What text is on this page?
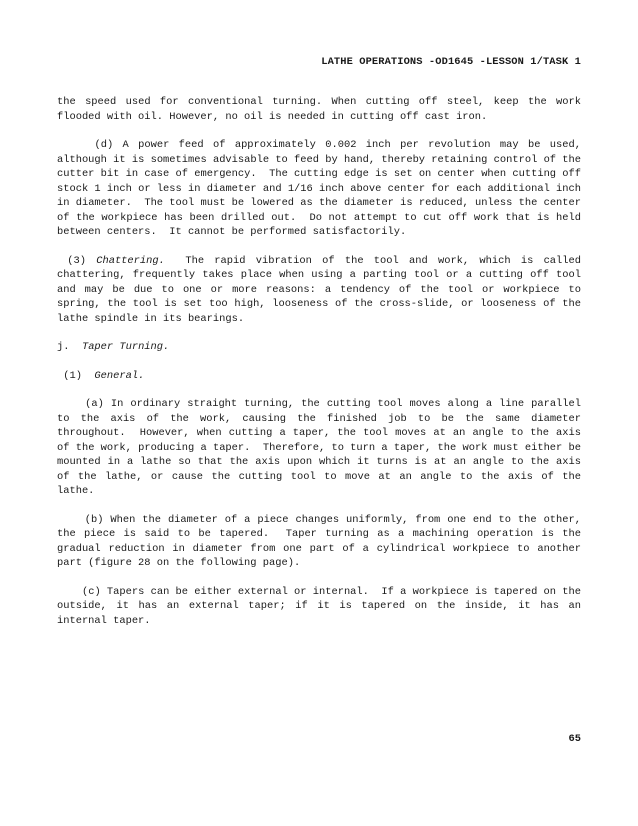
LATHE OPERATIONS -OD1645 -LESSON 1/TASK 1

the speed used for conventional turning. When cutting off steel, keep the work flooded with oil. However, no oil is needed in cutting off cast iron.

(d) A power feed of approximately 0.002 inch per revolution may be used, although it is sometimes advisable to feed by hand, thereby retaining control of the cutter bit in case of emergency.  The cutting edge is set on center when cutting off stock 1 inch or less in diameter and 1/16 inch above center for each additional inch in diameter.  The tool must be lowered as the diameter is reduced, unless the center of the workpiece has been drilled out.  Do not attempt to cut off work that is held between centers.  It cannot be performed satisfactorily.

(3) Chattering.  The rapid vibration of the tool and work, which is called chattering, frequently takes place when using a parting tool or a cutting off tool and may be due to one or more reasons: a tendency of the tool or workpiece to spring, the tool is set too high, looseness of the cross-slide, or looseness of the lathe spindle in its bearings.

j.  Taper Turning.
(1)  General.

(a) In ordinary straight turning, the cutting tool moves along a line parallel to the axis of the work, causing the finished job to be the same diameter throughout.  However, when cutting a taper, the tool moves at an angle to the axis of the work, producing a taper.  Therefore, to turn a taper, the work must either be mounted in a lathe so that the axis upon which it turns is at an angle to the axis of the lathe, or cause the cutting tool to move at an angle to the axis of the lathe.

(b) When the diameter of a piece changes uniformly, from one end to the other, the piece is said to be tapered.  Taper turning as a machining operation is the gradual reduction in diameter from one part of a cylindrical workpiece to another part (figure 28 on the following page).

(c) Tapers can be either external or internal.  If a workpiece is tapered on the outside, it has an external taper; if it is tapered on the inside, it has an internal taper.

65
